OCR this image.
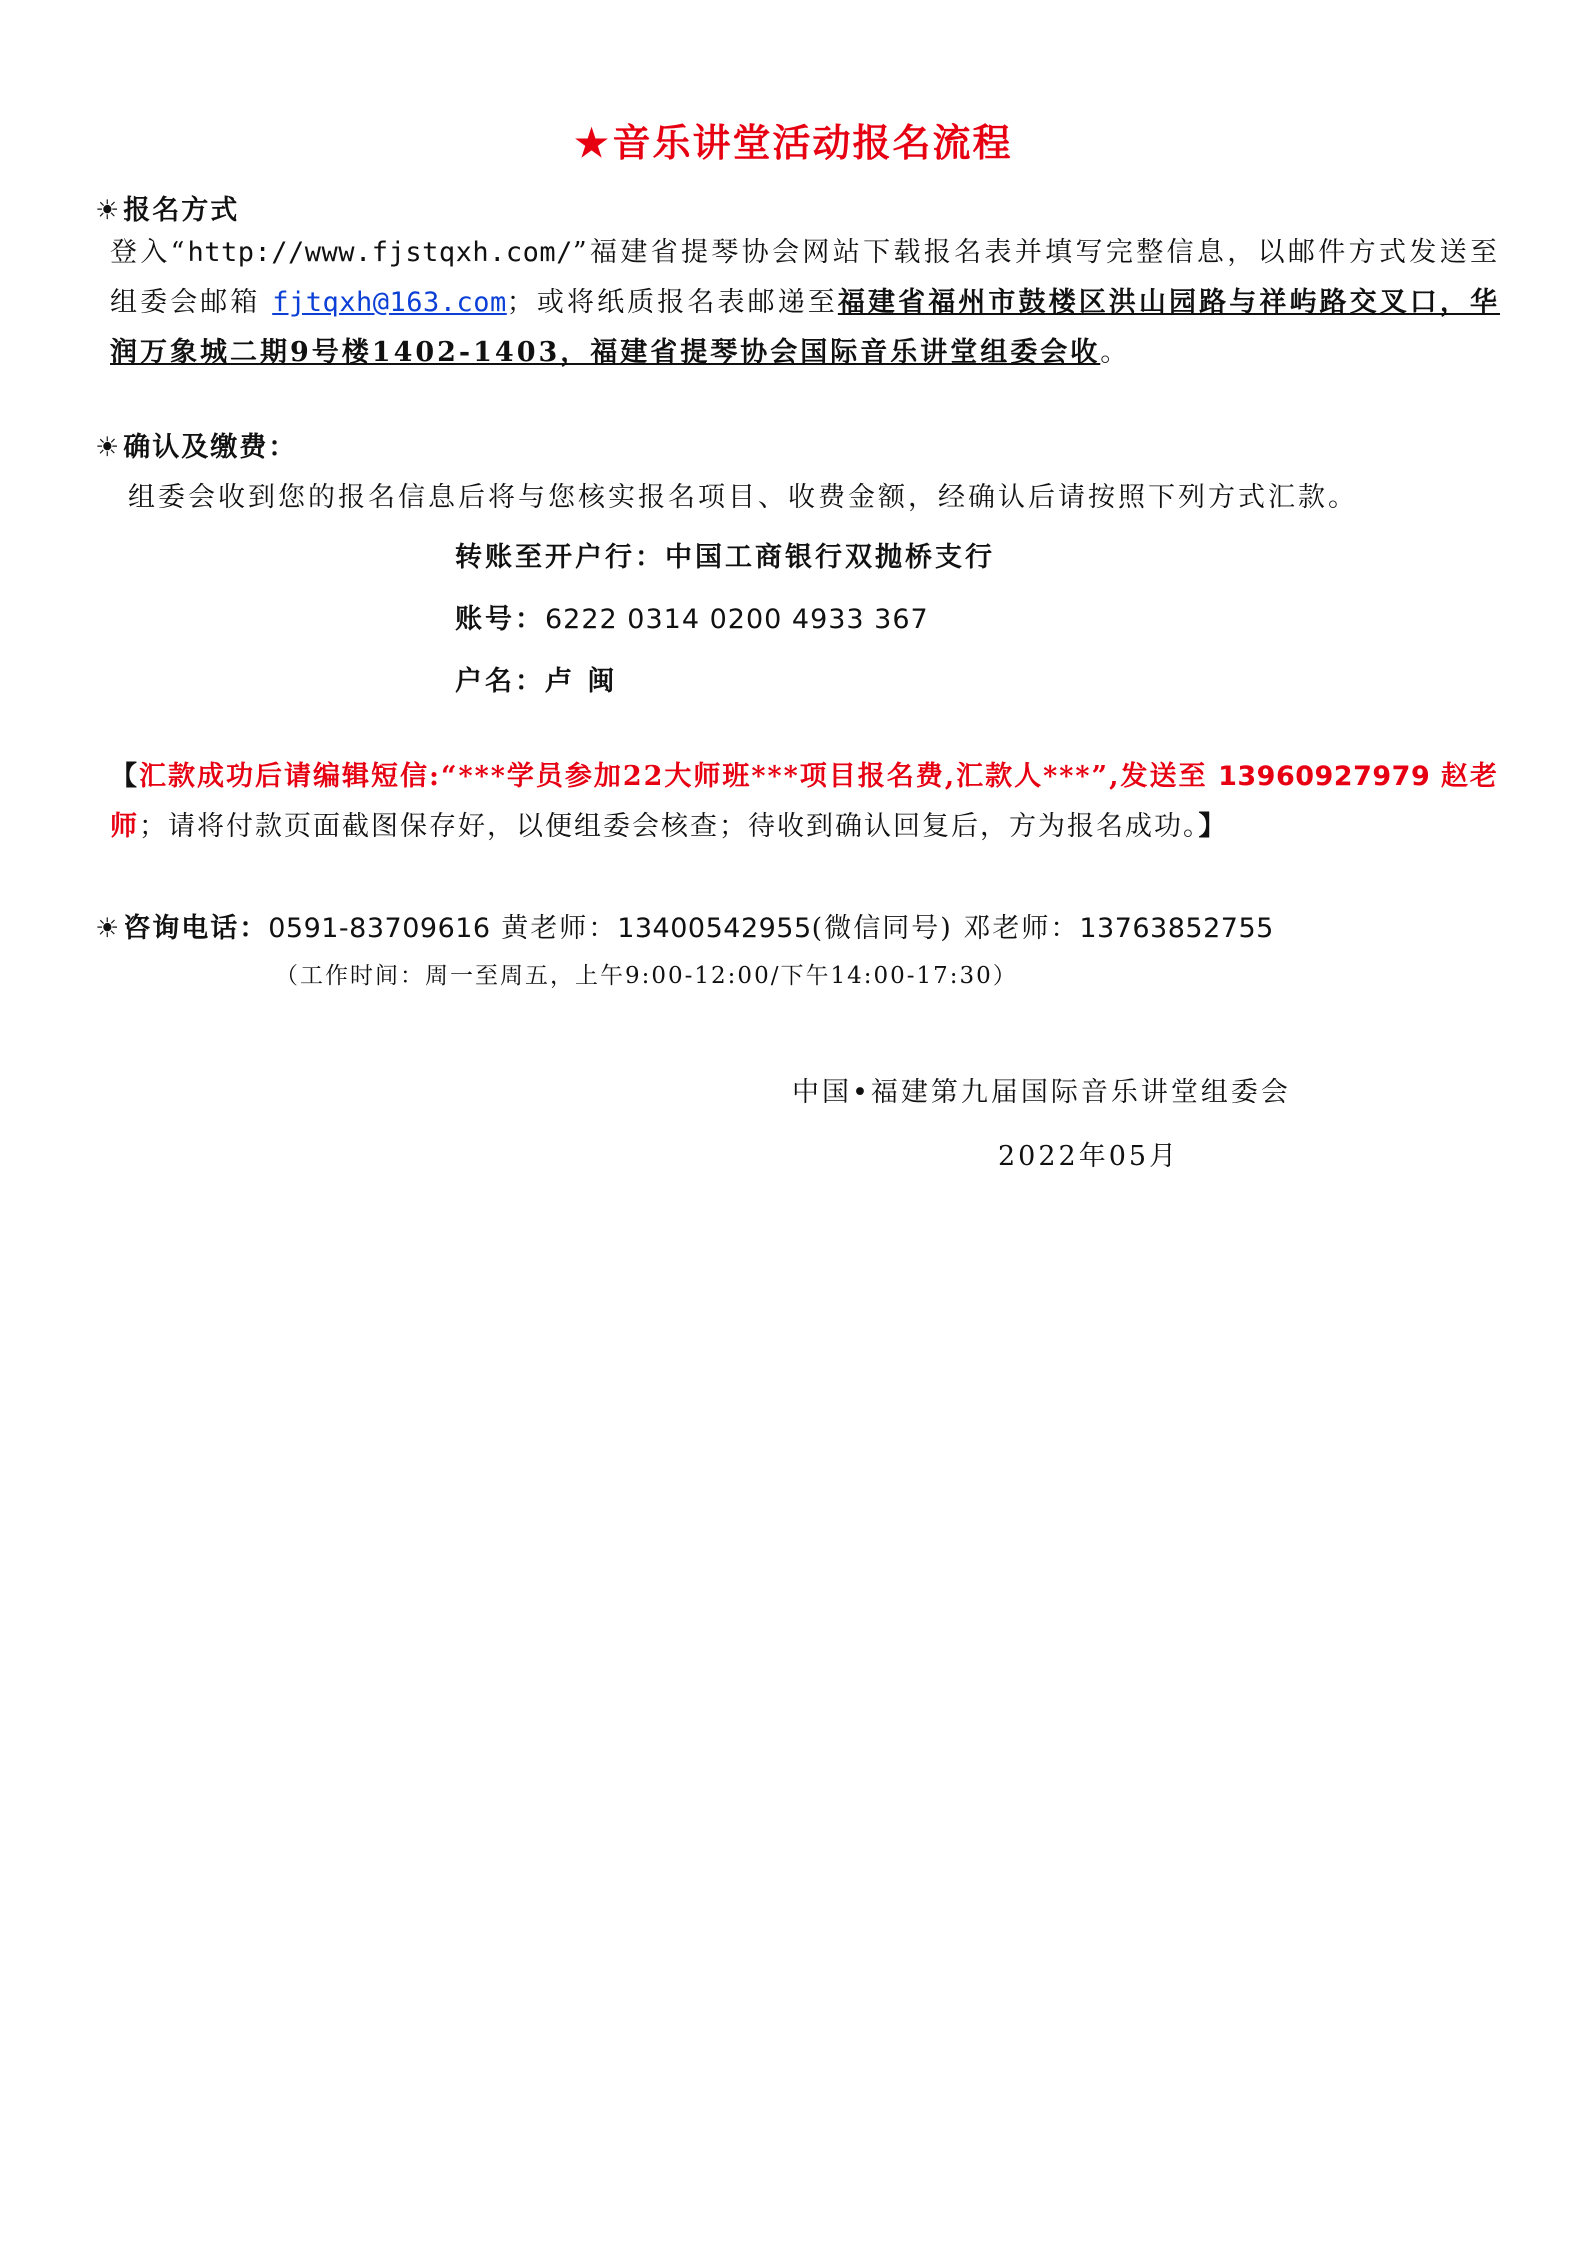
★音乐讲堂活动报名流程
☀报名方式
登入“http://www.fjstqxh.com/”福建省提琴协会网站下载报名表并填写完整信息，以邮件方式发送至组委会邮箱 fjtqxh@163.com；或将纸质报名表邮递至福建省福州市鼓楼区洪山园路与祥屿路交叉口，华润万象城二期9号楼1402-1403，福建省提琴协会国际音乐讲堂组委会收。
☀确认及缴费：
组委会收到您的报名信息后将与您核实报名项目、收费金额，经确认后请按照下列方式汇款。
转账至开户行：中国工商银行双抛桥支行
账号：6222 0314 0200 4933 367
户名：卢 闽
【汇款成功后请编辑短信:“***学员参加22大师班***项目报名费,汇款人***”,发送至 13960927979 赵老师；请将付款页面截图保存好，以便组委会核查；待收到确认回复后，方为报名成功。】
☀咨询电话：0591-83709616 黄老师：13400542955(微信同号) 邓老师：13763852755
（工作时间：周一至周五，上午9:00-12:00/下午14:00-17:30）
中国•福建第九届国际音乐讲堂组委会
2022年05月
